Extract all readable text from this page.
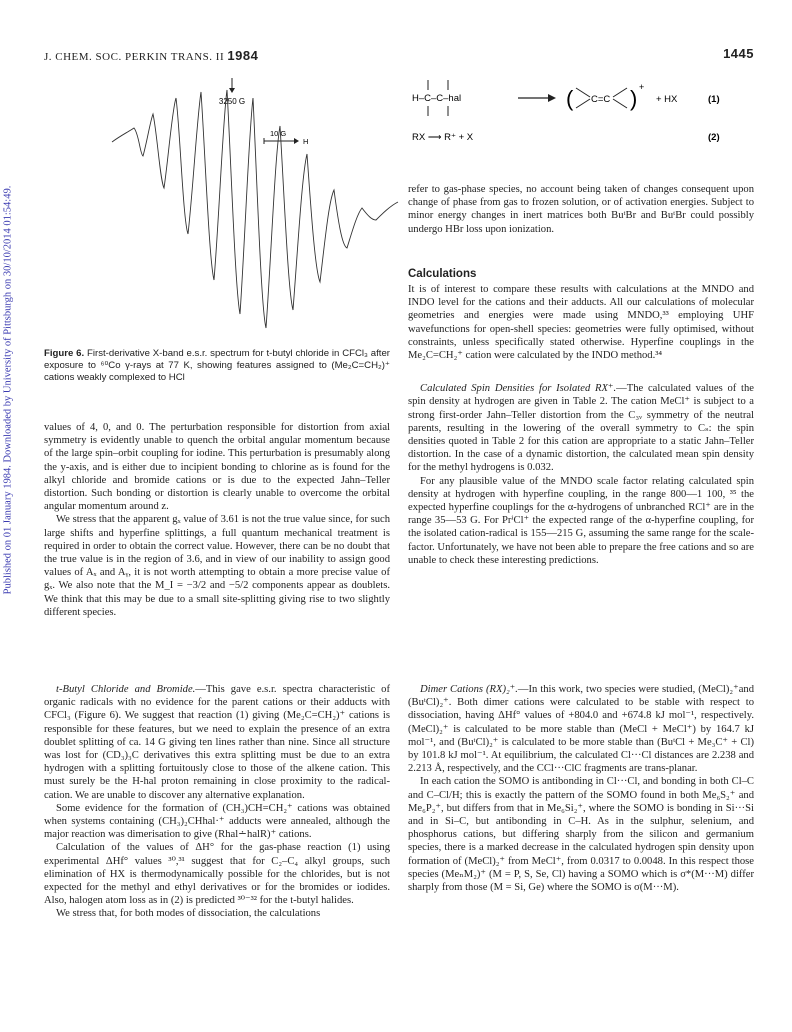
J. CHEM. SOC. PERKIN TRANS. II 1984	1445
Published on 01 January 1984. Downloaded by University of Pittsburgh on 30/10/2014 01:54:49.
3250 G
10 G
H
Figure 6. First-derivative X-band e.s.r. spectrum for t-butyl chloride in CFCl₃ after exposure to ⁶⁰Co γ-rays at 77 K, showing features assigned to (Me₂C=CH₂)⁺ cations weakly complexed to HCl
H–C–C–hal	( C=C ) +
+ HX	(1)
RX ⟶ R⁺ + X	(2)

refer to gas-phase species, no account being taken of changes consequent upon change of phase from gas to frozen solution, or of activation energies. Subject to minor energy changes in inert matrices both BuᵗBr and BuᵗBr could possibly undergo HBr loss upon ionization.

Calculations

It is of interest to compare these results with calculations at the MNDO and INDO level for the cations and their adducts. All our calculations of molecular geometries and energies were made using MNDO,³³ employing UHF wavefunctions for open-shell species: geometries were fully optimised, without constraints, unless specifically stated otherwise. Hyperfine couplings in the Me₂C=CH₂⁺ cation were calculated by the INDO method.³⁴

Calculated Spin Densities for Isolated RX⁺.—The calculated values of the spin density at hydrogen are given in Table 2. The cation MeCl⁺ is subject to a strong first-order Jahn–Teller distortion from the C₃ᵥ symmetry of the neutral parents, resulting in the lowering of the overall symmetry to Cₛ: the spin densities quoted in Table 2 for this cation are appropriate to a static Jahn–Teller distortion. In the case of a dynamic distortion, the calculated mean spin density for the methyl hydrogens is 0.032.

For any plausible value of the MNDO scale factor relating calculated spin density at hydrogen with hyperfine coupling, in the range 800—1 100, ³⁵ the expected hyperfine couplings for the α-hydrogens of unbranched RCl⁺ are in the range 35—53 G. For PrⁱCl⁺ the expected range of the α-hyperfine coupling, for the isolated cation-radical is 155—215 G, assuming the same range for the scale-factor. Unfortunately, we have not been able to prepare the free cations and so are unable to check these interesting predictions.

values of 4, 0, and 0. The perturbation responsible for distortion from axial symmetry is evidently unable to quench the orbital angular momentum because of the large spin–orbit coupling for iodine. This perturbation is presumably along the y-axis, and is either due to incipient bonding to chlorine as is found for the alkyl chloride and bromide cations or is due to the expected Jahn–Teller distortion. Such bonding or distortion is clearly unable to overcome the orbital angular momentum around z.

We stress that the apparent gₓ value of 3.61 is not the true value since, for such large shifts and hyperfine splittings, a full quantum mechanical treatment is required in order to obtain the correct value. However, there can be no doubt that the true value is in the region of 3.6, and in view of our inability to assign good values of Aₓ and Aᵧ, it is not worth attempting to obtain a more precise value of gₓ. We also note that the M_I = −3/2 and −5/2 components appear as doublets. We think that this may be due to a small site-splitting giving rise to two slightly different species.

t-Butyl Chloride and Bromide.—This gave e.s.r. spectra characteristic of organic radicals with no evidence for the parent cations or their adducts with CFCl₃ (Figure 6). We suggest that reaction (1) giving (Me₂C=CH₂)⁺ cations is responsible for these features, but we need to explain the presence of an extra doublet splitting of ca. 14 G giving ten lines rather than nine. Since all structure was lost for (CD₃)₃C derivatives this extra splitting must be due to an extra hydrogen with a splitting fortuitously close to those of the alkene cation. This must surely be the H-hal proton remaining in close proximity to the radical-cation. We are unable to discover any alternative explanation.

Some evidence for the formation of (CH₃)CH=CH₂⁺ cations was obtained when systems containing (CH₃)₂CHhal·⁺ adducts were annealed, although the major reaction was dimerisation to give (Rhal∸halR)⁺ cations.

Calculation of the values of ΔH° for the gas-phase reaction (1) using experimental ΔHf° values ³⁰,³¹ suggest that for C₂–C₄ alkyl groups, such elimination of HX is thermodynamically possible for the chlorides, but is not expected for the methyl and ethyl derivatives or for the bromides or iodides. Also, halogen atom loss as in (2) is predicted ³⁰⁻³² for the t-butyl halides.

We stress that, for both modes of dissociation, the calculations

Dimer Cations (RX)₂⁺.—In this work, two species were studied, (MeCl)₂⁺and (BuᵗCl)₂⁺. Both dimer cations were calculated to be stable with respect to dissociation, having ΔHf° values of +804.0 and +674.8 kJ mol⁻¹, respectively. (MeCl)₂⁺ is calculated to be more stable than (MeCl + MeCl⁺) by 164.7 kJ mol⁻¹, and (BuᵗCl)₂⁺ is calculated to be more stable than (BuᵗCl + Me₃C⁺ + Cl) by 101.8 kJ mol⁻¹. At equilibrium, the calculated Cl···Cl distances are 2.238 and 2.213 Å, respectively, and the CCl···ClC fragments are trans-planar.

In each cation the SOMO is antibonding in Cl···Cl, and bonding in both Cl–C and C–Cl/H; this is exactly the pattern of the SOMO found in both Me₆S₂⁺ and Me₆P₂⁺, but differs from that in Me₆Si₂⁺, where the SOMO is bonding in Si···Si and in Si–C, but antibonding in C–H. As in the sulphur, selenium, and phosphorus cations, but differing sharply from the silicon and germanium species, there is a marked decrease in the calculated hydrogen spin density upon formation of (MeCl)₂⁺ from MeCl⁺, from 0.0317 to 0.0048. In this respect those species (MeₙM₂)⁺ (M = P, S, Se, Cl) having a SOMO which is σ*(M···M) differ sharply from those (M = Si, Ge) where the SOMO is σ(M···M).
